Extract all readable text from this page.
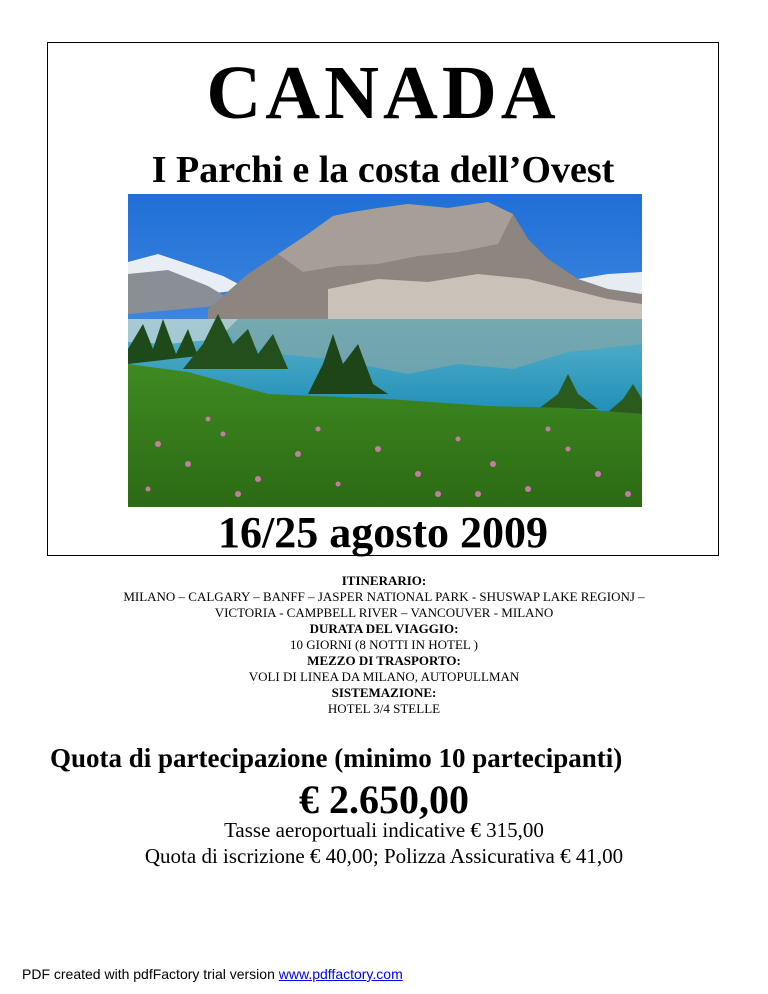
CANADA
I Parchi e la costa dell’Ovest
16/25 agosto 2009
ITINERARIO:
MILANO – CALGARY – BANFF – JASPER NATIONAL PARK - SHUSWAP LAKE REGIONJ –
VICTORIA - CAMPBELL RIVER – VANCOUVER - MILANO
DURATA DEL VIAGGIO:
10 GIORNI (8 NOTTI IN HOTEL )
MEZZO DI TRASPORTO:
VOLI DI LINEA DA MILANO, AUTOPULLMAN
SISTEMAZIONE:
HOTEL 3/4 STELLE
Quota di partecipazione (minimo 10 partecipanti)
€ 2.650,00
Tasse aeroportuali indicative € 315,00
Quota di iscrizione € 40,00; Polizza Assicurativa € 41,00
PDF created with pdfFactory trial version www.pdffactory.com
